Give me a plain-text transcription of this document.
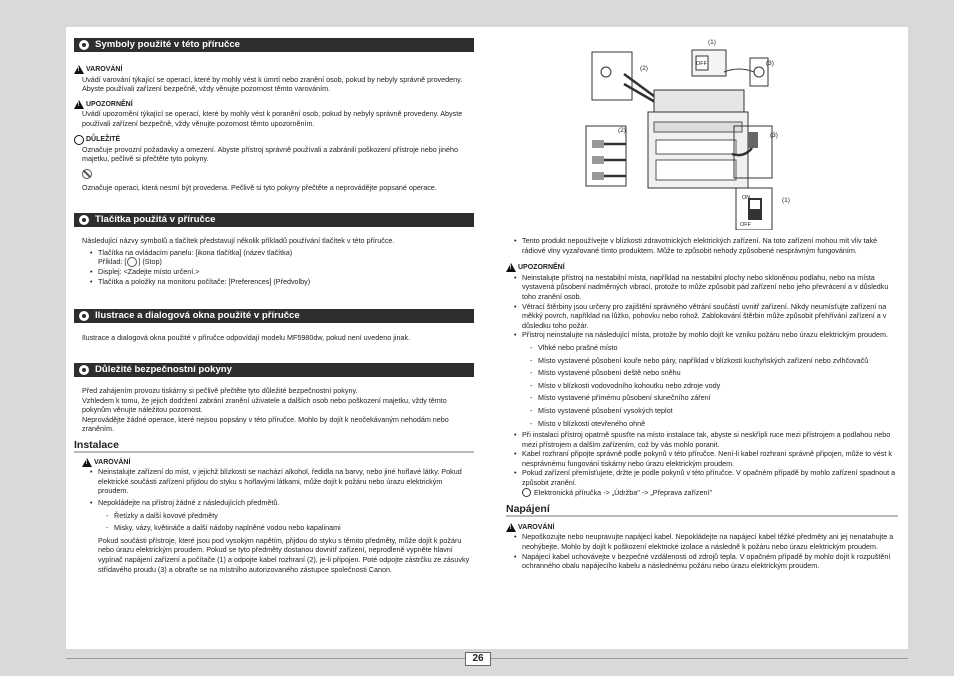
Symboly použité v této příručce
!
VAROVÁNÍ
Uvádí varování týkající se operací, které by mohly vést k úmrtí nebo zranění osob, pokud by nebyly správně provedeny. Abyste používali zařízení bezpečně, vždy věnujte pozornost těmto varováním.
!
UPOZORNĚNÍ
Uvádí upozornění týkající se operací, které by mohly vést k poranění osob, pokud by nebyly správně provedeny. Abyste používali zařízení bezpečně, vždy věnujte pozornost těmto upozorněním.
DŮLEŽITÉ
Označuje provozní požadavky a omezení. Abyste přístroj správně používali a zabránili poškození přístroje nebo jiného majetku, pečlivě si přečtěte tyto pokyny.
Označuje operaci, která nesmí být provedena. Pečlivě si tyto pokyny přečtěte a neprovádějte popsané operace.
Tlačítka použitá v příručce
Následující názvy symbolů a tlačítek představují několik příkladů používání tlačítek v této příručce.
• Tlačítka na ovládacím panelu: [ikona tlačítka] (název tlačítka)
Příklad: [ ] (Stop)
• Displej: <Zadejte místo určení.>
• Tlačítka a položky na monitoru počítače: [Preferences] (Předvolby)
Ilustrace a dialogová okna použité v příručce
Ilustrace a dialogová okna použité v příručce odpovídají modelu MF5980dw, pokud není uvedeno jinak.
Důležité bezpečnostní pokyny
Před zahájením provozu tiskárny si pečlivě přečtěte tyto důležité bezpečnostní pokyny.
Vzhledem k tomu, že jejich dodržení zabrání zranění uživatele a dalších osob nebo poškození majetku, vždy těmto pokynům věnujte náležitou pozornost.
Neprovádějte žádné operace, které nejsou popsány v této příručce. Mohlo by dojít k neočekávaným nehodám nebo zraněním.
Instalace
!
VAROVÁNÍ
• Neinstalujte zařízení do míst, v jejichž blízkosti se nachází alkohol, ředidla na barvy, nebo jiné hořlavé látky. Pokud elektrické součásti zařízení přijdou do styku s hořlavými látkami, může dojít k požáru nebo úrazu elektrickým proudem.
• Nepokládejte na přístroj žádné z následujících předmětů.
- Řetízky a další kovové předměty
- Misky, vázy, květináče a další nádoby naplněné vodou nebo kapalinami
Pokud součásti přístroje, které jsou pod vysokým napětím, přijdou do styku s těmito předměty, může dojít k požáru nebo úrazu elektrickým proudem. Pokud se tyto předměty dostanou dovnitř zařízení, neprodleně vypněte hlavní vypínač napájení zařízení a počítače (1) a odpojte kabel rozhraní (2), je-li připojen. Poté odpojte zástrčku ze zásuvky střídavého proudu (3) a obraťte se na místního autorizovaného zástupce společnosti Canon.
(1)
(2)
(3)
(2)
(3)
(1)
OFF
ON
OFF
• Tento produkt nepoužívejte v blízkosti zdravotnických elektrických zařízení. Na toto zařízení mohou mít vliv také rádiové vlny vyzařované tímto produktem. Může to způsobit nehody způsobené nesprávným fungováním.
!
UPOZORNĚNÍ
• Neinstalujte přístroj na nestabilní místa, například na nestabilní plochy nebo skloněnou podlahu, nebo na místa vystavená působení nadměrných vibrací, protože to může způsobit pád zařízení nebo jeho převrácení a v důsledku toho zranění osob.
• Větrací štěrbiny jsou určeny pro zajištění správného větrání součástí uvnitř zařízení. Nikdy neumísťujte zařízení na měkký povrch, například na lůžko, pohovku nebo rohož. Zablokování štěrbin může způsobit přehřívání zařízení a v důsledku toho požár.
• Přístroj neinstalujte na následující místa, protože by mohlo dojít ke vzniku požáru nebo úrazu elektrickým proudem.
- Vlhké nebo prašné místo
- Místo vystavené působení kouře nebo páry, například v blízkosti kuchyňských zařízení nebo zvlhčovačů
- Místo vystavené působení deště nebo sněhu
- Místo v blízkosti vodovodního kohoutku nebo zdroje vody
- Místo vystavené přímému působení slunečního záření
- Místo vystavené působení vysokých teplot
- Místo v blízkosti otevřeného ohně
• Při instalaci přístroj opatrně spusťte na místo instalace tak, abyste si neskřípli ruce mezi přístrojem a podlahou nebo mezi přístrojem a dalším zařízením, což by vás mohlo poranit.
• Kabel rozhraní připojte správně podle pokynů v této příručce. Není-li kabel rozhraní správně připojen, může to vést k nesprávnému fungování tiskárny nebo úrazu elektrickým proudem.
• Pokud zařízení přemísťujete, držte je podle pokynů v této příručce. V opačném případě by mohlo zařízení spadnout a způsobit zranění.
Elektronická příručka -> „Údržba" -> „Přeprava zařízení"
Napájení
!
VAROVÁNÍ
• Nepoškozujte nebo neupravujte napájecí kabel. Nepokládejte na napájecí kabel těžké předměty ani jej nenatahujte a neohýbejte. Mohlo by dojít k poškození elektrické izolace a následně k požáru nebo úrazu elektrickým proudem.
• Napájecí kabel uchovávejte v bezpečné vzdálenosti od zdrojů tepla. V opačném případě by mohlo dojít k rozpuštění ochranného obalu napájecího kabelu a následnému požáru nebo úrazu elektrickým proudem.
26
